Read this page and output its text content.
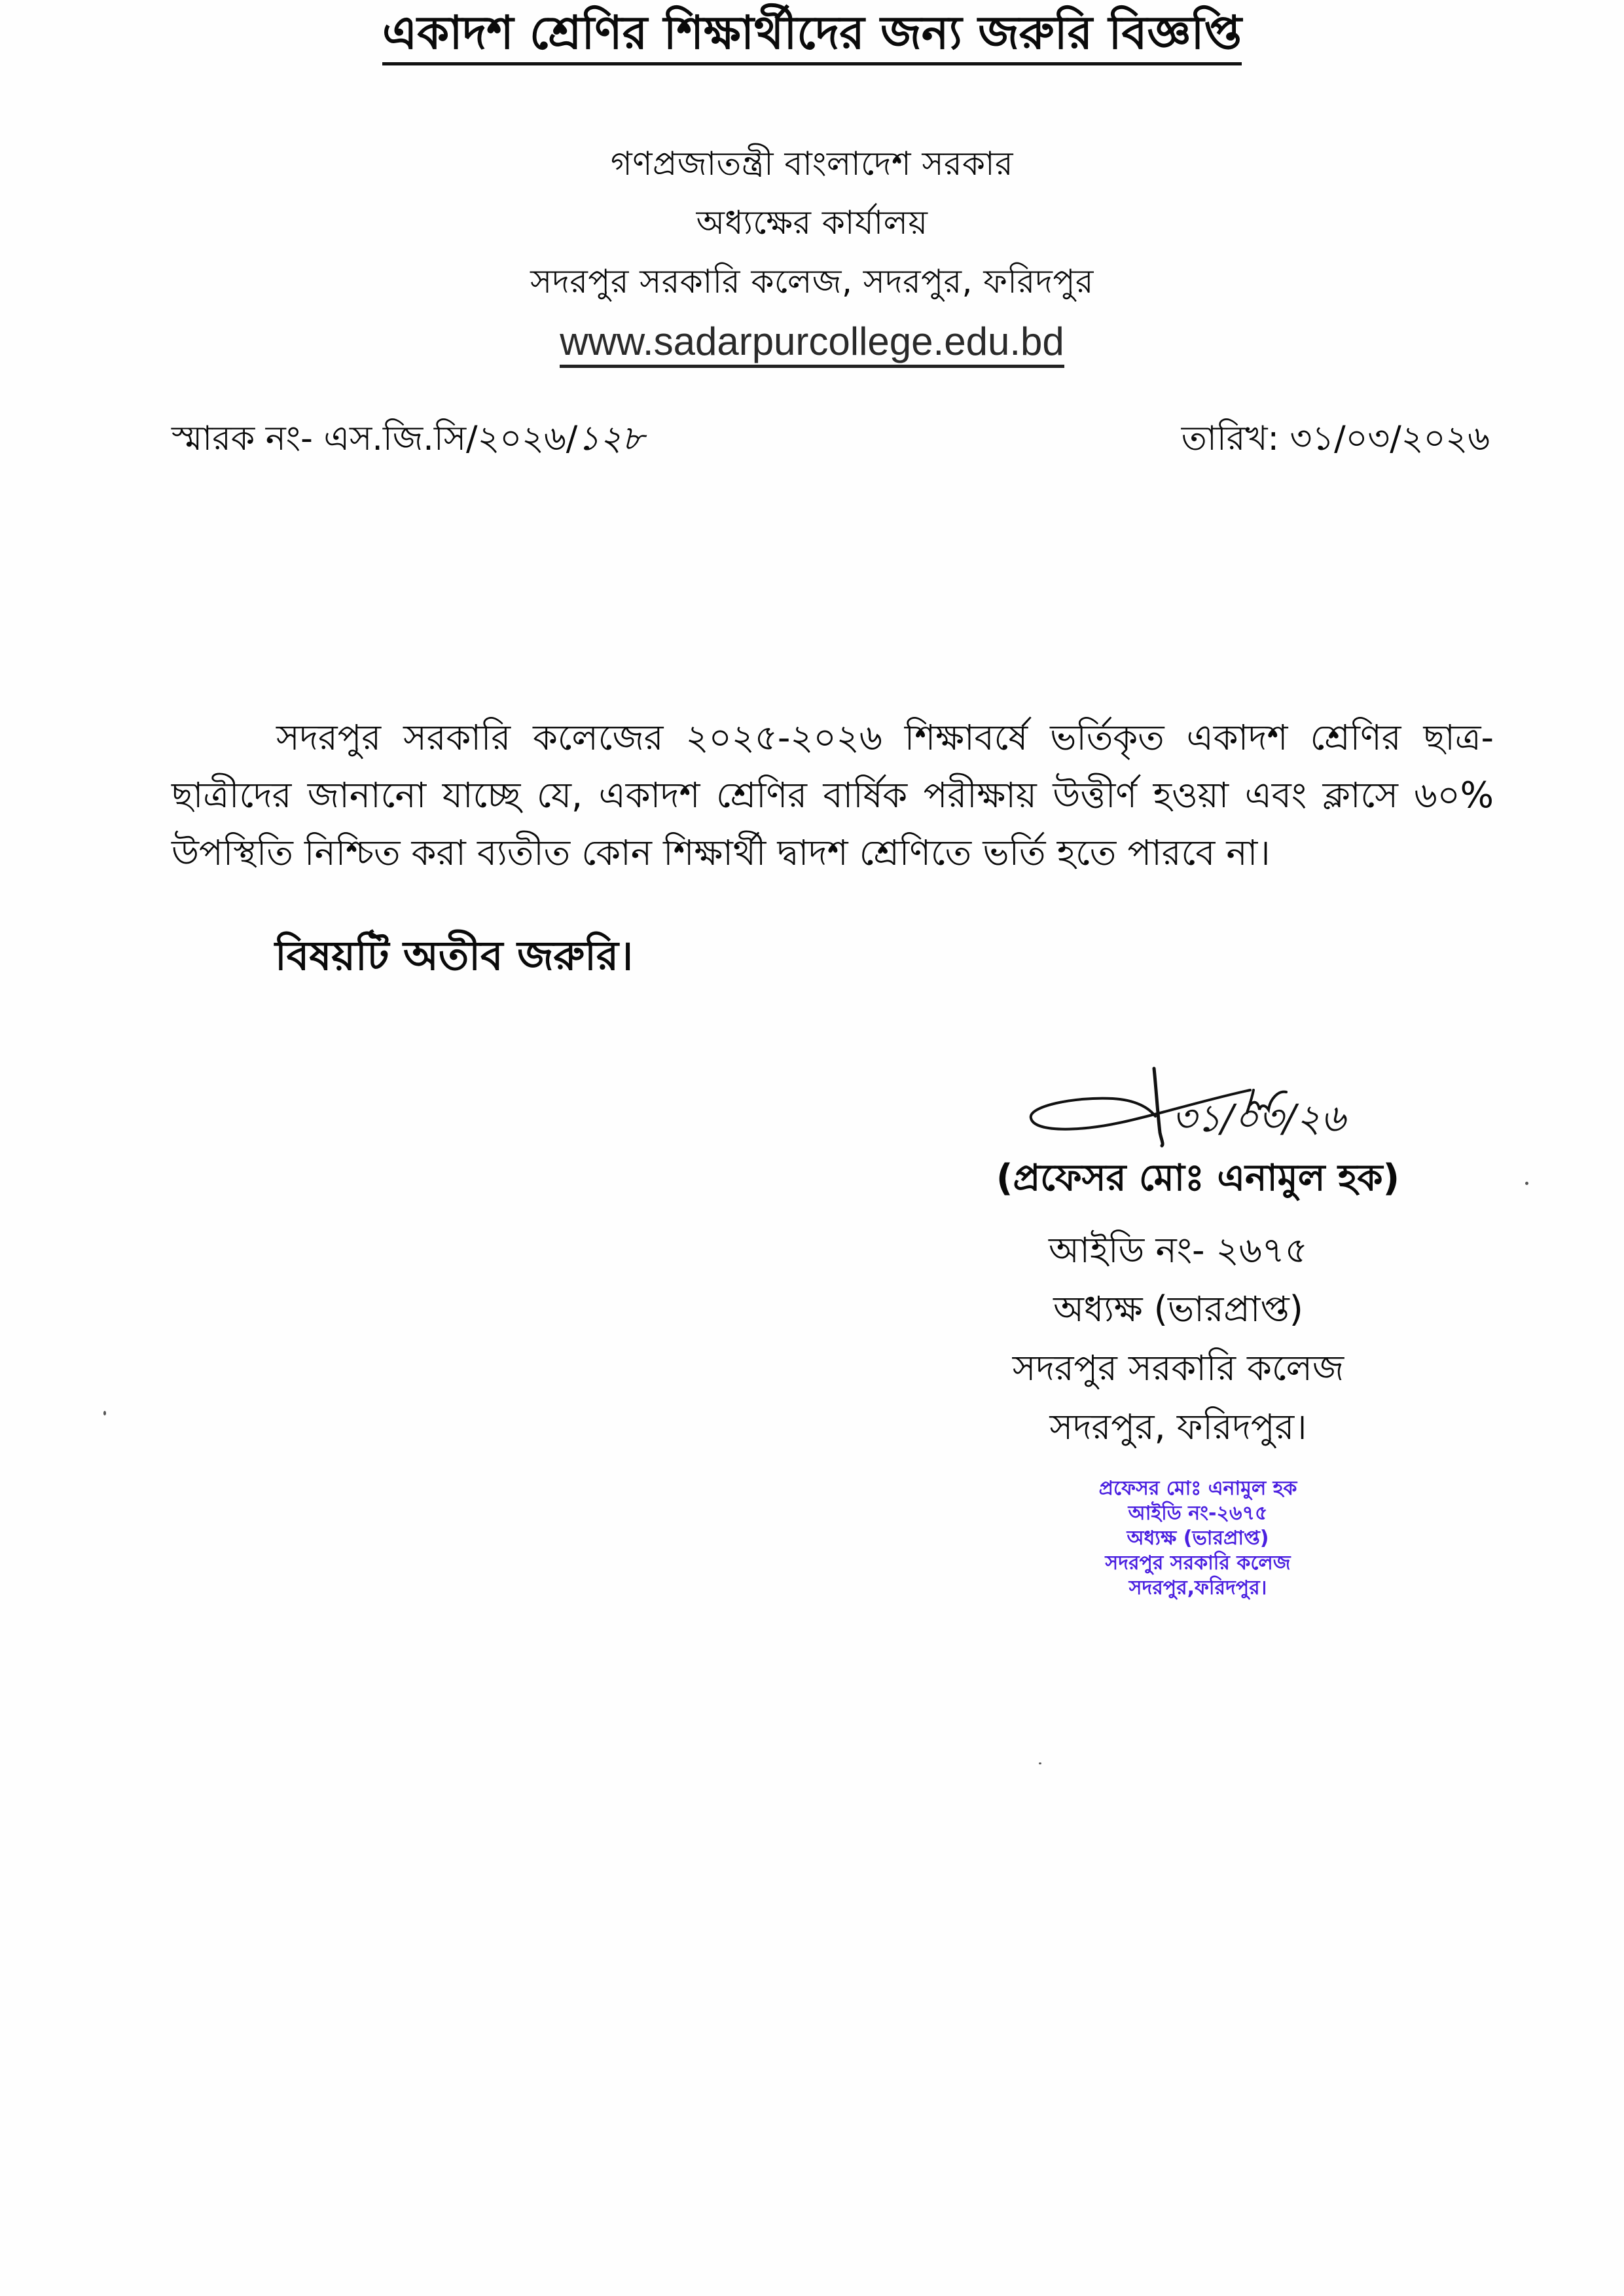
গণপ্রজাতন্ত্রী বাংলাদেশ সরকার
অধ্যক্ষের কার্যালয়
সদরপুর সরকারি কলেজ, সদরপুর, ফরিদপুর
www.sadarpurcollege.edu.bd
স্মারক নং- এস.জি.সি/২০২৬/১২৮	তারিখ: ৩১/০৩/২০২৬
একাদশ শ্রেণির শিক্ষার্থীদের জন্য জরুরি বিজ্ঞপ্তি
সদরপুর সরকারি কলেজের ২০২৫-২০২৬ শিক্ষাবর্ষে ভর্তিকৃত একাদশ শ্রেণির ছাত্র-ছাত্রীদের জানানো যাচ্ছে যে, একাদশ শ্রেণির বার্ষিক পরীক্ষায় উত্তীর্ণ হওয়া এবং ক্লাসে ৬০% উপস্থিতি নিশ্চিত করা ব্যতীত কোন শিক্ষার্থী দ্বাদশ শ্রেণিতে ভর্তি হতে পারবে না।
বিষয়টি অতীব জরুরি।
৩১/০৩/২৬
(প্রফেসর মোঃ এনামুল হক)
আইডি নং- ২৬৭৫
অধ্যক্ষ (ভারপ্রাপ্ত)
সদরপুর সরকারি কলেজ
সদরপুর, ফরিদপুর।
প্রফেসর মোঃ এনামুল হক
আইডি নং-২৬৭৫
অধ্যক্ষ (ভারপ্রাপ্ত)
সদরপুর সরকারি কলেজ
সদরপুর,ফরিদপুর।
